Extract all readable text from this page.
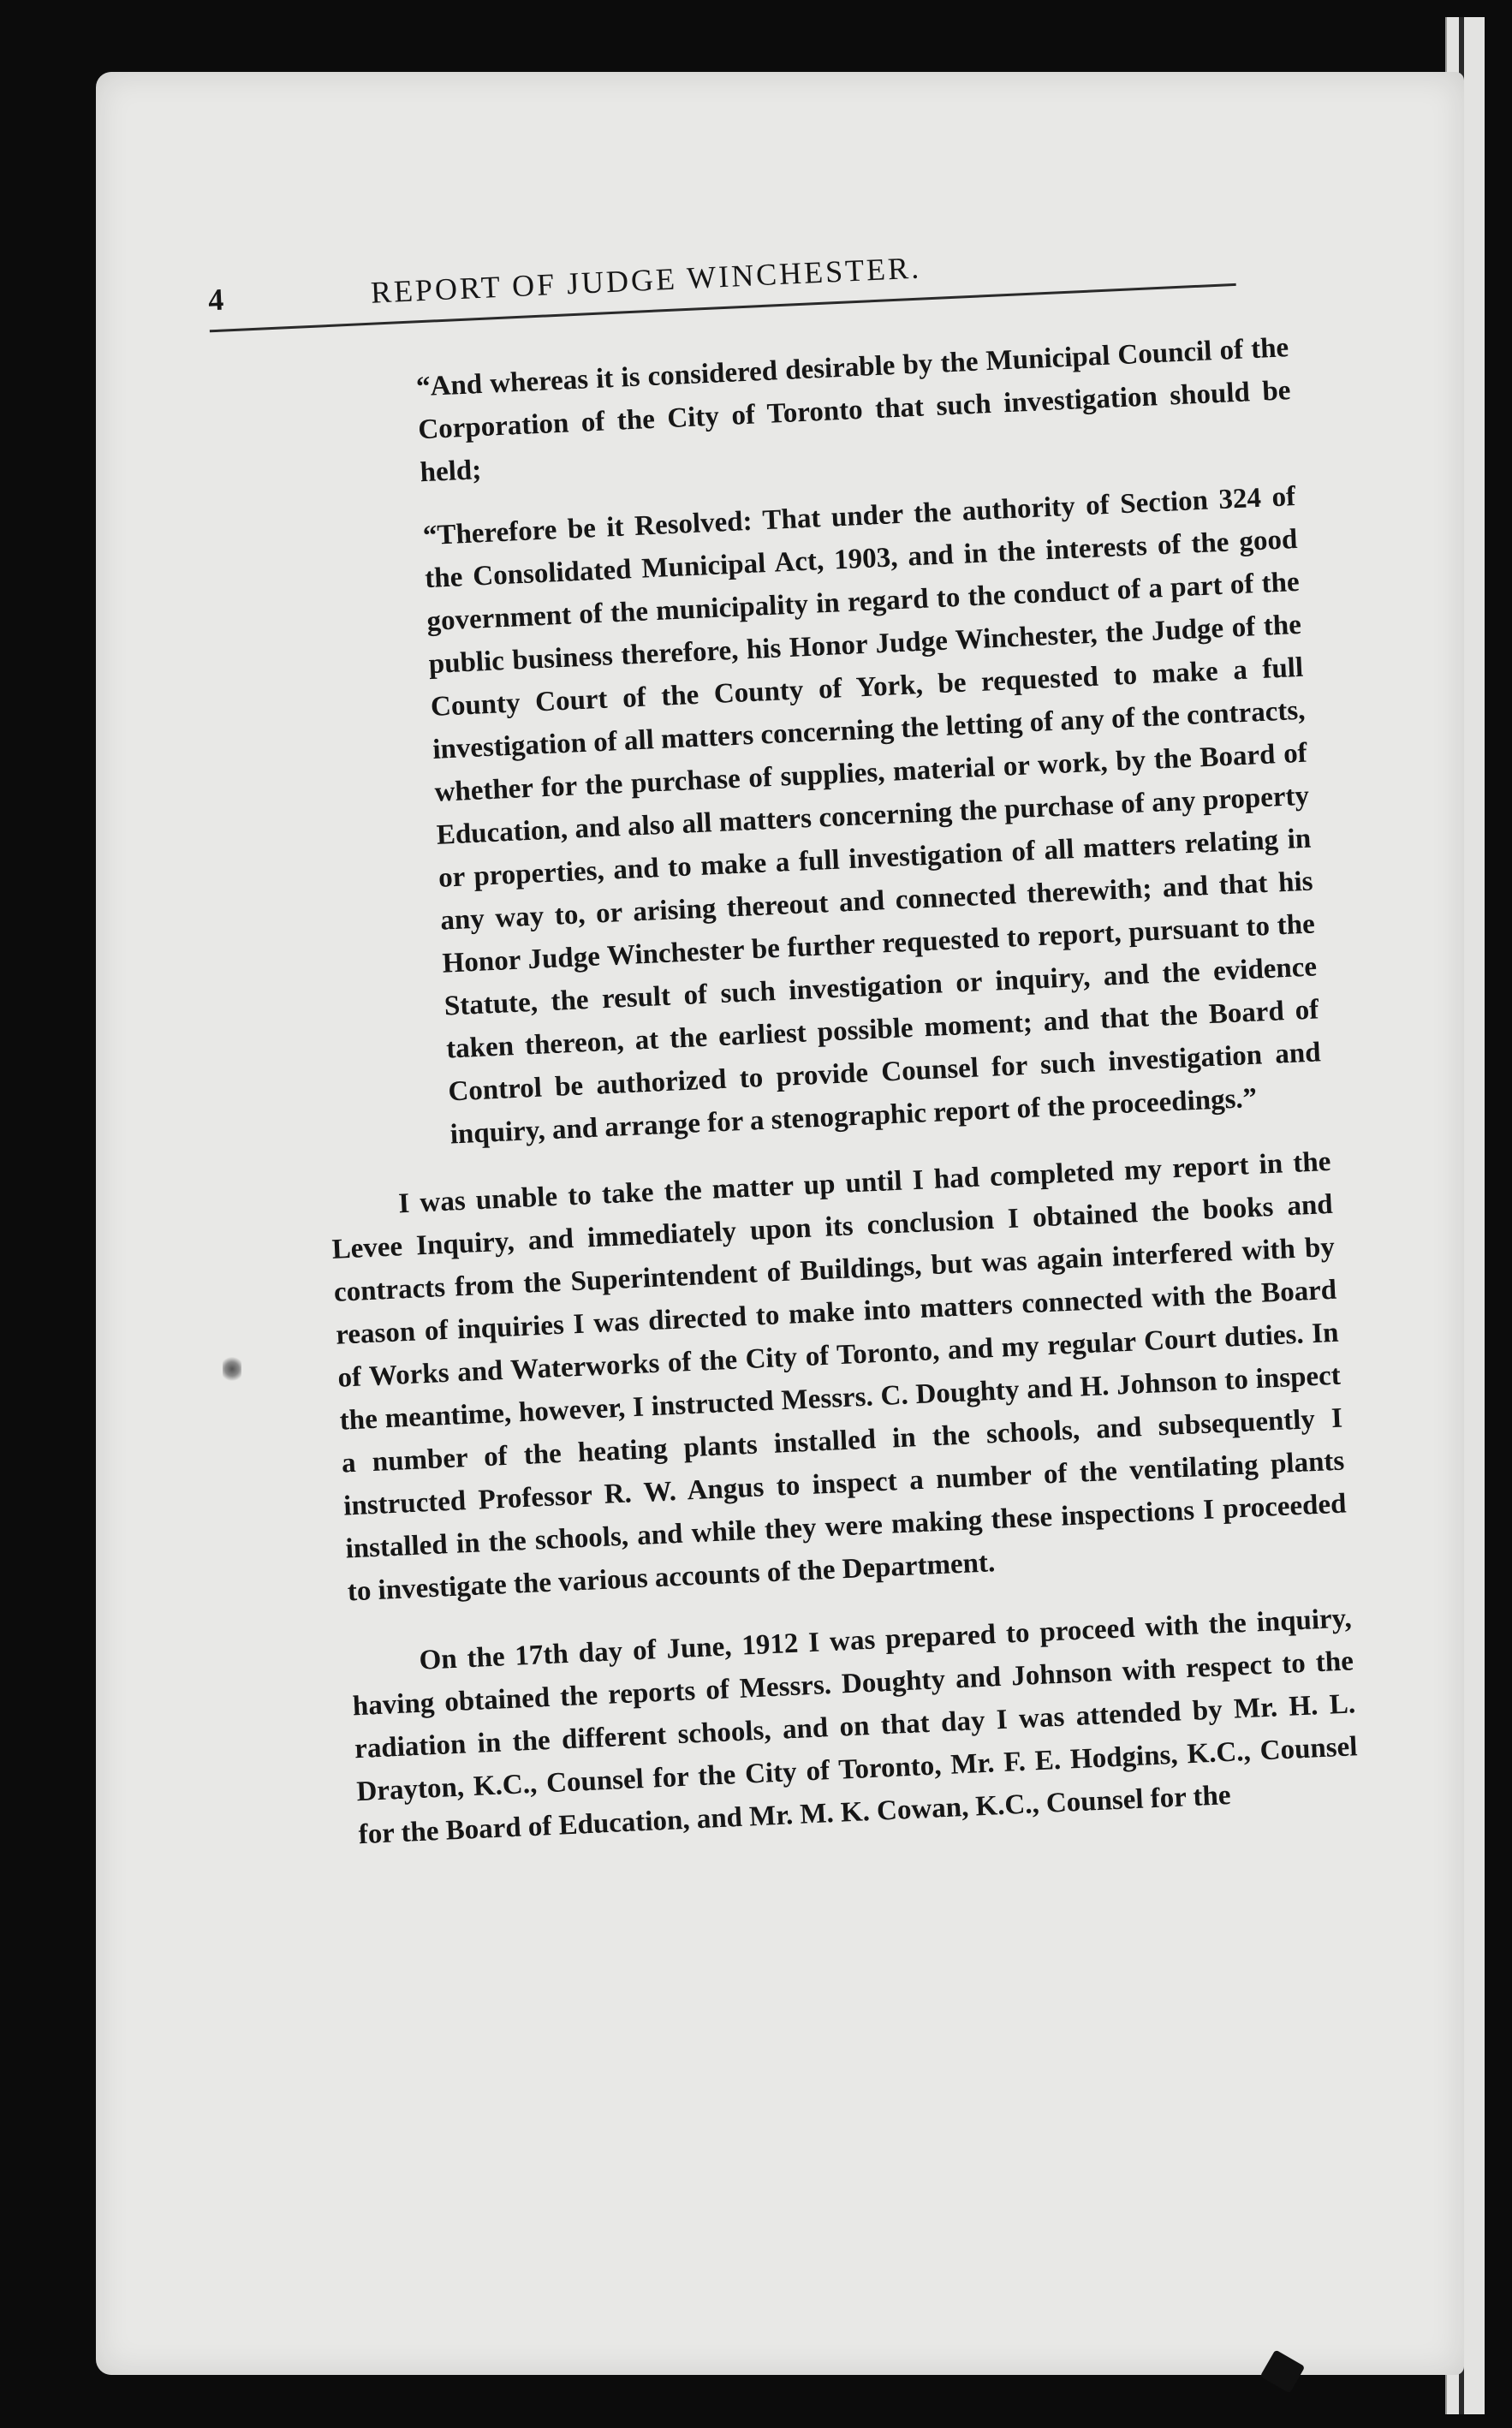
4	REPORT OF JUDGE WINCHESTER.

“And whereas it is considered desirable by the Municipal Council of the Corporation of the City of Toronto that such investigation should be held;

“Therefore be it Resolved: That under the authority of Section 324 of the Consolidated Municipal Act, 1903, and in the interests of the good government of the municipality in regard to the conduct of a part of the public business therefore, his Honor Judge Winchester, the Judge of the County Court of the County of York, be requested to make a full investigation of all matters concerning the letting of any of the contracts, whether for the purchase of supplies, material or work, by the Board of Education, and also all matters concerning the purchase of any property or properties, and to make a full investigation of all matters relating in any way to, or arising thereout and connected therewith; and that his Honor Judge Winchester be further requested to report, pursuant to the Statute, the result of such investigation or inquiry, and the evidence taken thereon, at the earliest possible moment; and that the Board of Control be authorized to provide Counsel for such investigation and inquiry, and arrange for a stenographic report of the proceedings.”

I was unable to take the matter up until I had completed my report in the Levee Inquiry, and immediately upon its conclusion I obtained the books and contracts from the Superintendent of Buildings, but was again interfered with by reason of inquiries I was directed to make into matters connected with the Board of Works and Waterworks of the City of Toronto, and my regular Court duties. In the meantime, however, I instructed Messrs. C. Doughty and H. Johnson to inspect a number of the heating plants installed in the schools, and subsequently I instructed Professor R. W. Angus to inspect a number of the ventilating plants installed in the schools, and while they were making these inspections I proceeded to investigate the various accounts of the Department.

On the 17th day of June, 1912 I was prepared to proceed with the inquiry, having obtained the reports of Messrs. Doughty and Johnson with respect to the radiation in the different schools, and on that day I was attended by Mr. H. L. Drayton, K.C., Counsel for the City of Toronto, Mr. F. E. Hodgins, K.C., Counsel for the Board of Education, and Mr. M. K. Cowan, K.C., Counsel for the
